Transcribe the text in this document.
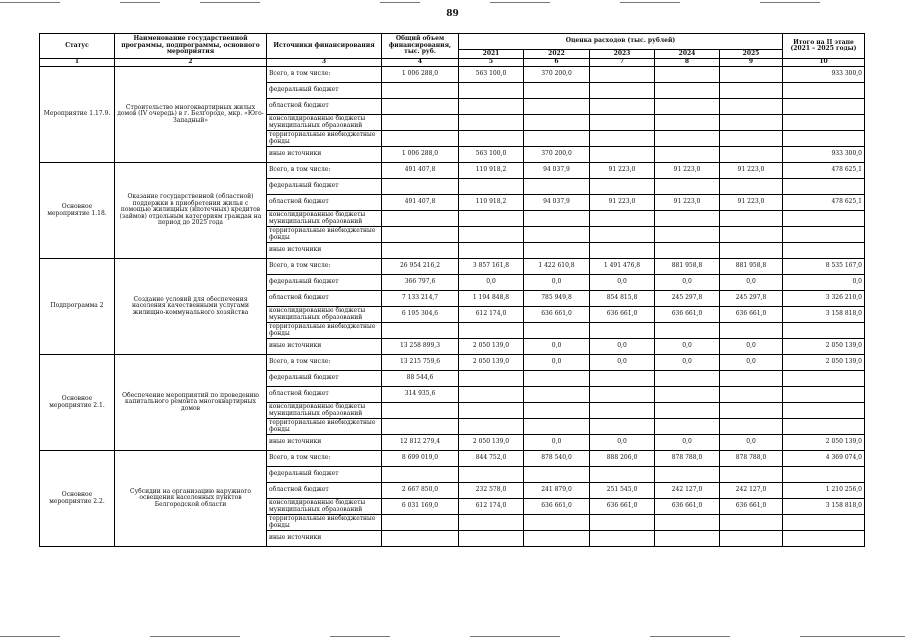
89
Статус	Наименование государственной программы, подпрограммы, основного мероприятия	Источники финансирования	Общий объем финансирования, тыс. руб.	Оценка расходов (тыс. рублей)					Итого на II этапе (2021 – 2025 годы)
				2021	2022	2023	2024	2025	
1	2	3	4	5	6	7	8	9	10
Мероприятие 1.17.9.	Строительство многоквартирных жилых домов (IV очередь) в г. Белгороде, мкр. «Юго-Западный»	Всего, в том числе:	1 006 288,0	563 100,0	370 200,0				933 300,0
		федеральный бюджет							
		областной бюджет							
		консолидированные бюджеты муниципальных образований							
		территориальные внебюджетные фонды							
		иные источники	1 006 288,0	563 100,0	370 200,0				933 300,0
Основное мероприятие 1.18.	Оказание государственной (областной) поддержки в приобретении жилья с помощью жилищных (ипотечных) кредитов (займов) отдельным категориям граждан на период до 2025 года	Всего, в том числе:	491 407,8	110 918,2	94 037,9	91 223,0	91 223,0	91 223,0	478 625,1
		федеральный бюджет							
		областной бюджет	491 407,8	110 918,2	94 037,9	91 223,0	91 223,0	91 223,0	478 625,1
		консолидированные бюджеты муниципальных образований							
		территориальные внебюджетные фонды							
		иные источники							
Подпрограмма 2	Создание условий для обеспечения населения качественными услугами жилищно-коммунального хозяйства	Всего, в том числе:	26 954 216,2	3 857 161,8	1 422 610,8	1 491 476,8	881 958,8	881 958,8	8 535 167,0
		федеральный бюджет	366 797,6	0,0	0,0	0,0	0,0	0,0	0,0
		областной бюджет	7 133 214,7	1 194 848,8	785 949,8	854 815,8	245 297,8	245 297,8	3 326 210,0
		консолидированные бюджеты муниципальных образований	6 195 304,6	612 174,0	636 661,0	636 661,0	636 661,0	636 661,0	3 158 818,0
		территориальные внебюджетные фонды							
		иные источники	13 258 899,3	2 050 139,0	0,0	0,0	0,0	0,0	2 050 139,0
Основное мероприятие 2.1.	Обеспечение мероприятий по проведению капитального ремонта многоквартирных домов	Всего, в том числе:	13 215 759,6	2 050 139,0	0,0	0,0	0,0	0,0	2 050 139,0
		федеральный бюджет	88 544,6						
		областной бюджет	314 935,6						
		консолидированные бюджеты муниципальных образований							
		территориальные внебюджетные фонды							
		иные источники	12 812 279,4	2 050 139,0	0,0	0,0	0,0	0,0	2 050 139,0
Основное мероприятие 2.2.	Субсидии на организацию наружного освещения населенных пунктов Белгородской области	Всего, в том числе:	8 699 019,0	844 752,0	878 540,0	888 206,0	878 788,0	878 788,0	4 369 074,0
		федеральный бюджет							
		областной бюджет	2 667 850,0	232 578,0	241 879,0	251 545,0	242 127,0	242 127,0	1 210 256,0
		консолидированные бюджеты муниципальных образований	6 031 169,0	612 174,0	636 661,0	636 661,0	636 661,0	636 661,0	3 158 818,0
		территориальные внебюджетные фонды							
		иные источники							
